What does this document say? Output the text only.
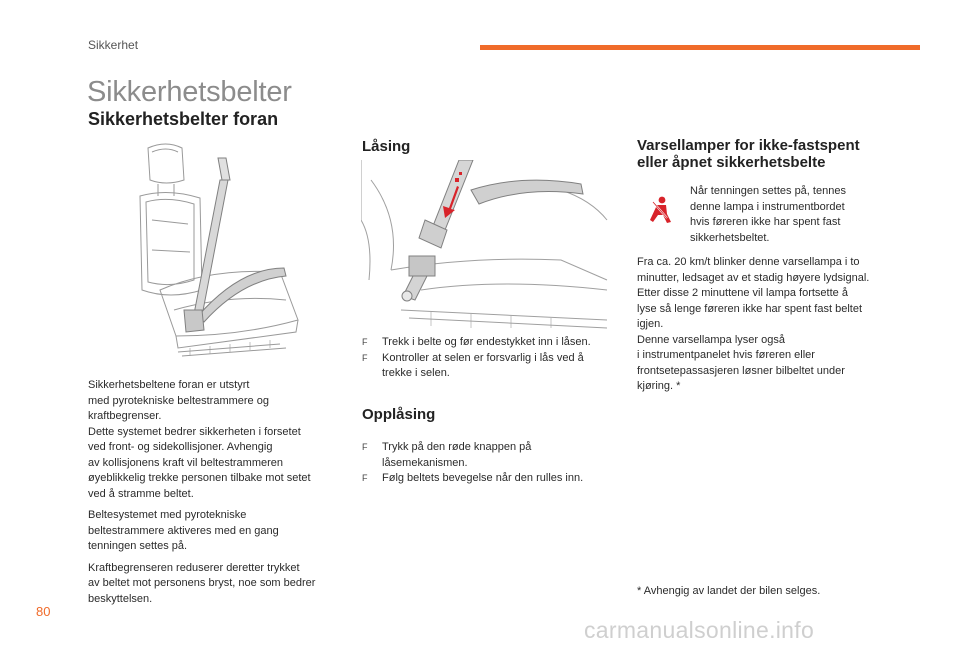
Sikkerhet
Sikkerhetsbelter
Sikkerhetsbelter foran
Sikkerhetsbeltene foran er utstyrt
med pyrotekniske beltestrammere og
kraftbegrenser.
Dette systemet bedrer sikkerheten i forsetet
ved front- og sidekollisjoner. Avhengig
av kollisjonens kraft vil beltestrammeren
øyeblikkelig trekke personen tilbake mot setet
ved å stramme beltet.
Beltesystemet med pyrotekniske
beltestrammere aktiveres med en gang
tenningen settes på.
Kraftbegrenseren reduserer deretter trykket
av beltet mot personens bryst, noe som bedrer
beskyttelsen.
Låsing
F	Trekk i belte og før endestykket inn i låsen.
F	Kontroller at selen er forsvarlig i lås ved å
trekke i selen.
Opplåsing
F	Trykk på den røde knappen på
låsemekanismen.
F	Følg beltets bevegelse når den rulles inn.
Varsellamper for ikke-fastspent
eller åpnet sikkerhetsbelte
Når tenningen settes på, tennes
denne lampa i instrumentbordet
hvis føreren ikke har spent fast
sikkerhetsbeltet.
Fra ca. 20 km/t blinker denne varsellampa i to
minutter, ledsaget av et stadig høyere lydsignal.
Etter disse 2 minuttene vil lampa fortsette å
lyse så lenge føreren ikke har spent fast beltet
igjen.
Denne varsellampa lyser også
i instrumentpanelet hvis føreren eller
frontsetepassasjeren løsner bilbeltet under
kjøring. *
* Avhengig av landet der bilen selges.
80
carmanualsonline.info
